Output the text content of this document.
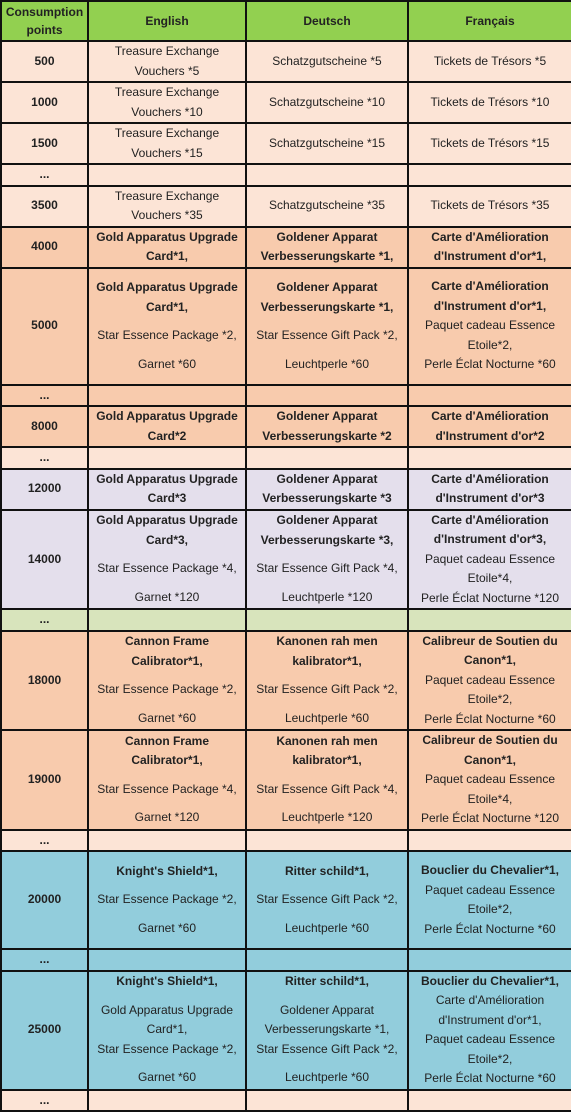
Consumption points	English	Deutsch	Français
500	Treasure Exchange Vouchers *5	Schatzgutscheine *5	Tickets de Trésors *5

1000	Treasure Exchange Vouchers *10	Schatzgutscheine *10	Tickets de Trésors *10

1500	Treasure Exchange Vouchers *15	Schatzgutscheine *15	Tickets de Trésors *15

...			
3500	Treasure Exchange Vouchers *35	Schatzgutscheine *35	Tickets de Trésors *35

4000	Gold Apparatus Upgrade Card*1,	Goldener Apparat Verbesserungskarte *1,	Carte d'Amélioration d'Instrument d'or*1,

5000	Gold Apparatus Upgrade Card*1,
Star Essence Package *2,
Garnet *60	Goldener Apparat Verbesserungskarte *1,
Star Essence Gift Pack *2,
Leuchtperle *60	Carte d'Amélioration d'Instrument d'or*1,
Paquet cadeau Essence Etoile*2,
Perle Éclat Nocturne *60

...			
8000	Gold Apparatus Upgrade Card*2	Goldener Apparat Verbesserungskarte *2	Carte d'Amélioration d'Instrument d'or*2

...			
12000	Gold Apparatus Upgrade Card*3	Goldener Apparat Verbesserungskarte *3	Carte d'Amélioration d'Instrument d'or*3

14000	Gold Apparatus Upgrade Card*3,
Star Essence Package *4,
Garnet *120	Goldener Apparat Verbesserungskarte *3,
Star Essence Gift Pack *4,
Leuchtperle *120	Carte d'Amélioration d'Instrument d'or*3,
Paquet cadeau Essence Etoile*4,
Perle Éclat Nocturne *120

...			
18000	Cannon Frame Calibrator*1,
Star Essence Package *2,
Garnet *60	Kanonen rah men kalibrator*1,
Star Essence Gift Pack *2,
Leuchtperle *60	Calibreur de Soutien du Canon*1,
Paquet cadeau Essence Etoile*2,
Perle Éclat Nocturne *60

19000	Cannon Frame Calibrator*1,
Star Essence Package *4,
Garnet *120	Kanonen rah men kalibrator*1,
Star Essence Gift Pack *4,
Leuchtperle *120	Calibreur de Soutien du Canon*1,
Paquet cadeau Essence Etoile*4,
Perle Éclat Nocturne *120

...			
20000	Knight's Shield*1,
Star Essence Package *2,
Garnet *60	Ritter schild*1,
Star Essence Gift Pack *2,
Leuchtperle *60	Bouclier du Chevalier*1,
Paquet cadeau Essence Etoile*2,
Perle Éclat Nocturne *60

...			
25000	Knight's Shield*1,
Gold Apparatus Upgrade Card*1,
Star Essence Package *2,
Garnet *60	Ritter schild*1,
Goldener Apparat Verbesserungskarte *1,
Star Essence Gift Pack *2,
Leuchtperle *60	Bouclier du Chevalier*1,
Carte d'Amélioration d'Instrument d'or*1,
Paquet cadeau Essence Etoile*2,
Perle Éclat Nocturne *60

...			
